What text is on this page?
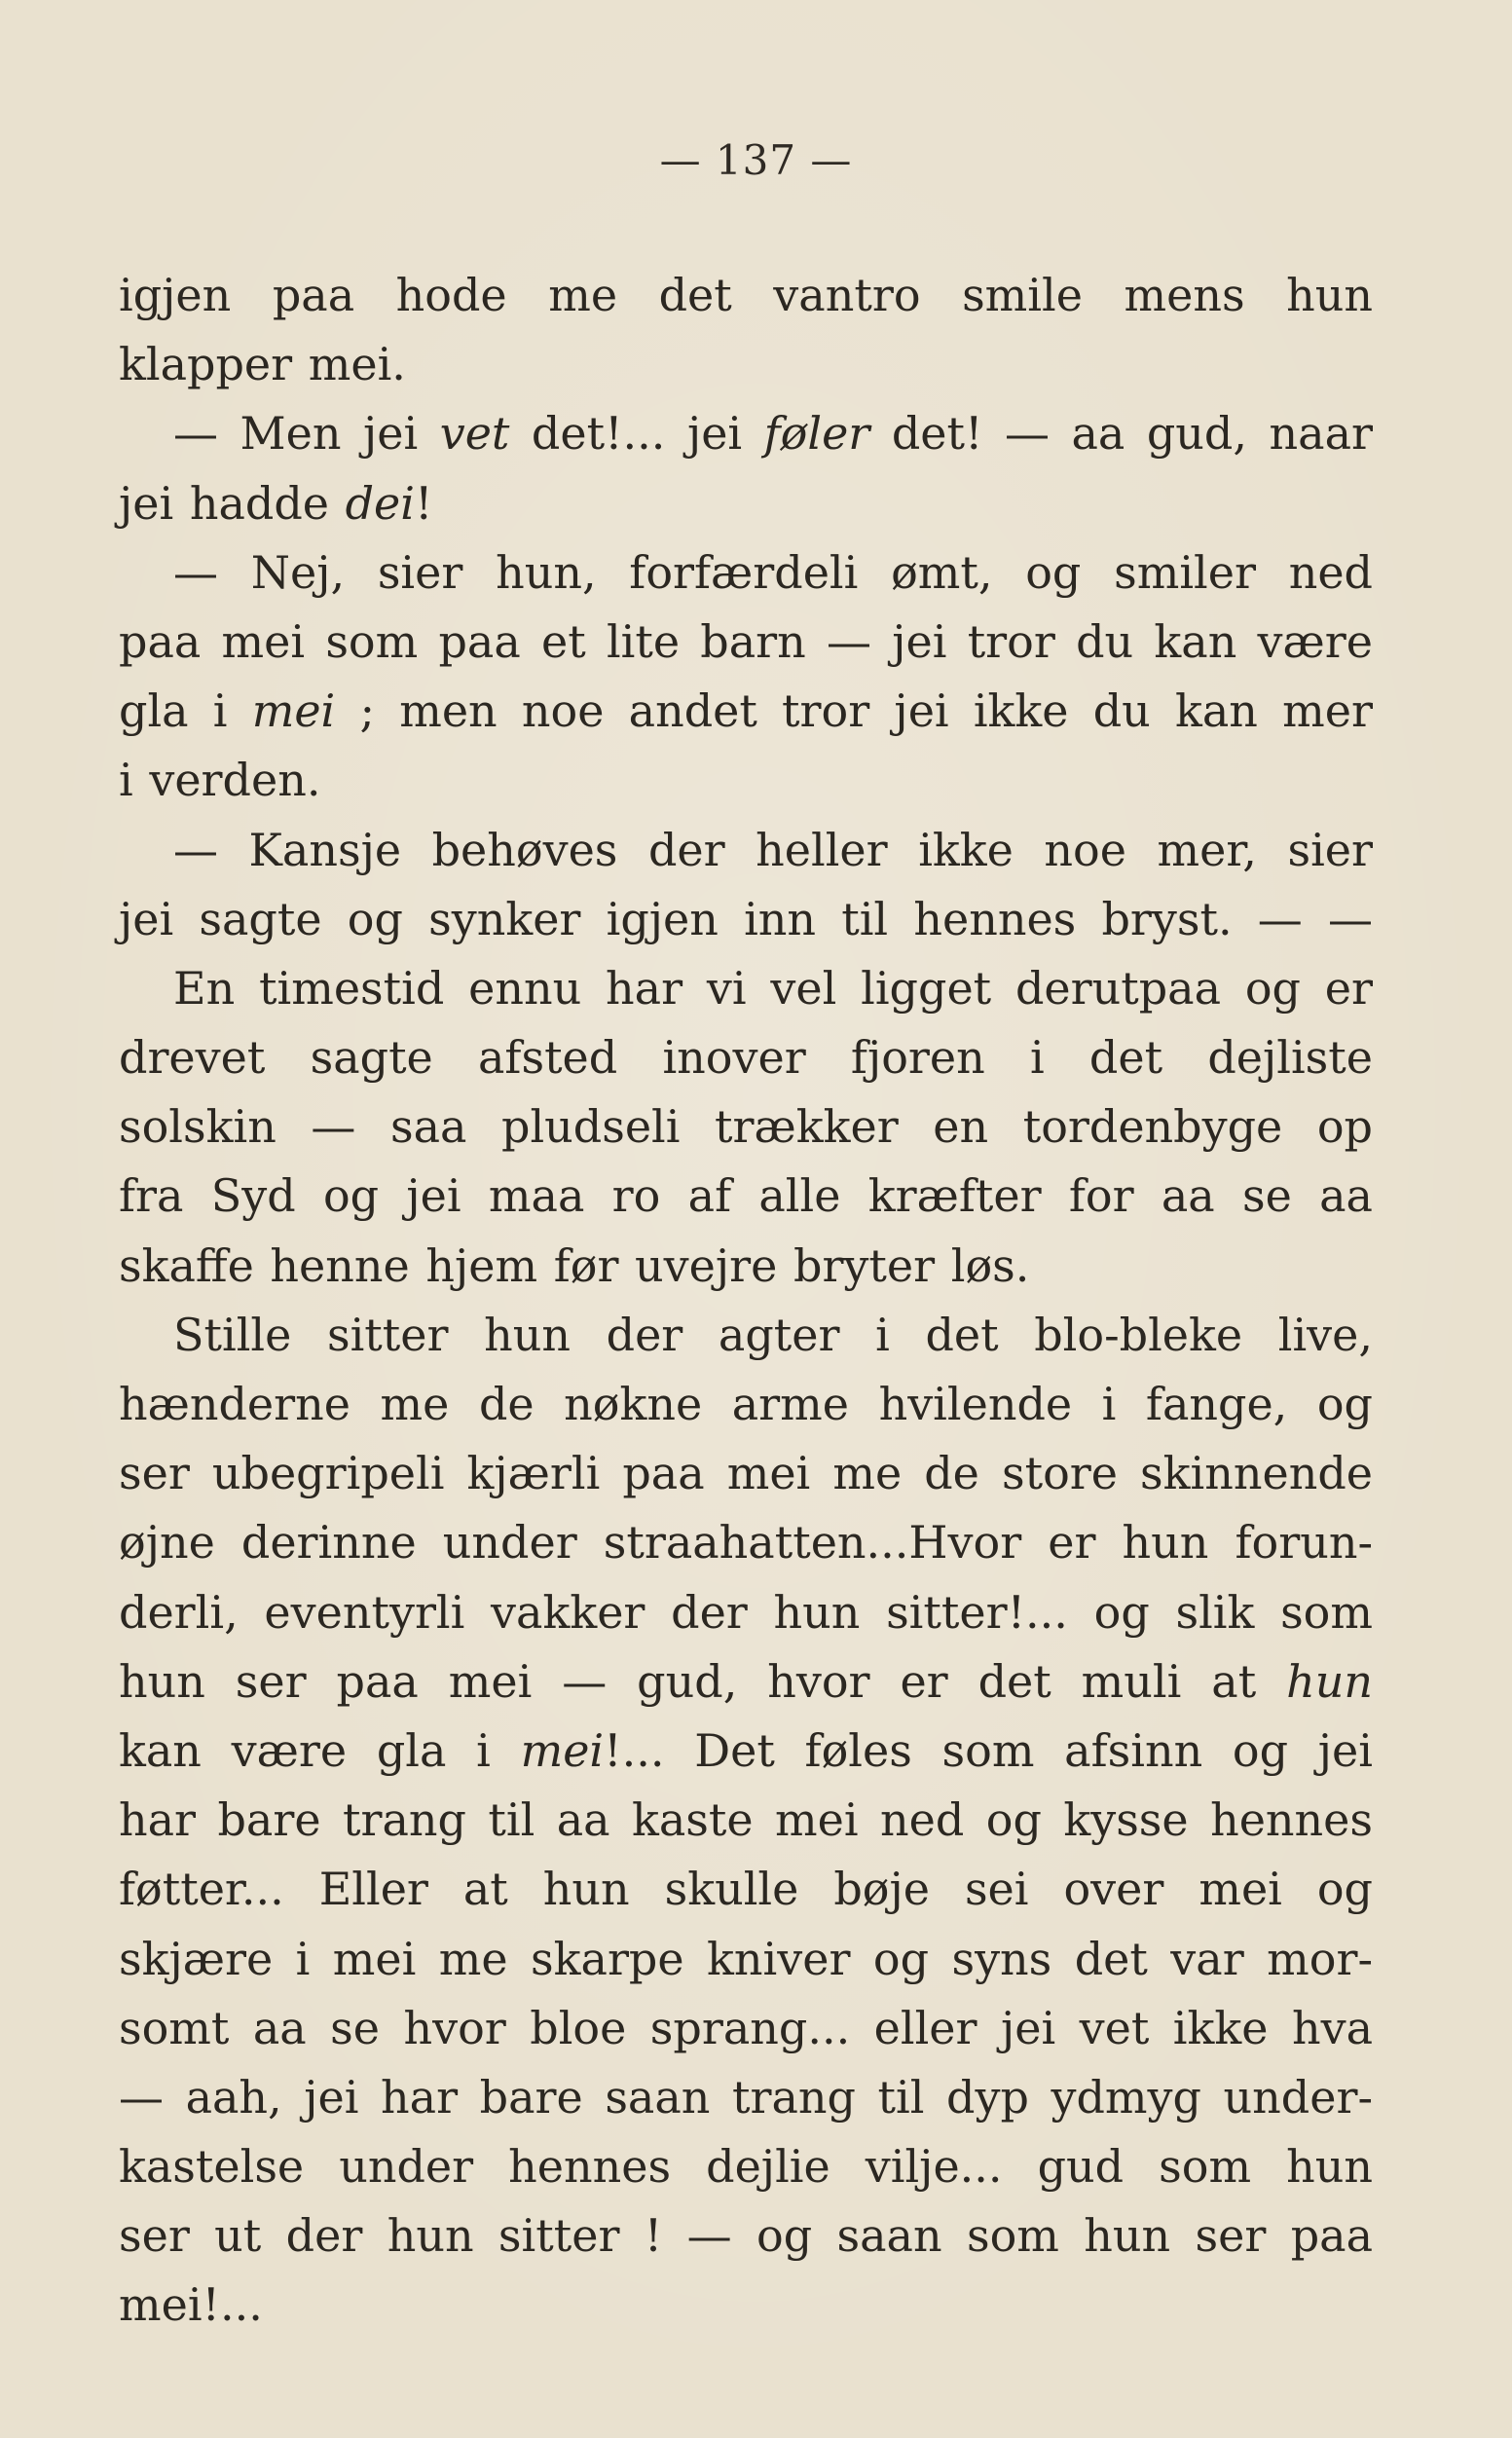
— 137 —
igjen paa hode me det vantro smile mens hun
klapper mei.
— Men jei vet det!... jei føler det! — aa gud, naar
jei hadde dei!
— Nej, sier hun, forfærdeli ømt, og smiler ned
paa mei som paa et lite barn — jei tror du kan være
gla i mei ; men noe andet tror jei ikke du kan mer
i verden.
— Kansje behøves der heller ikke noe mer, sier
jei sagte og synker igjen inn til hennes bryst. — —
En timestid ennu har vi vel ligget derutpaa og er
drevet sagte afsted inover fjoren i det dejliste
solskin — saa pludseli trækker en tordenbyge op
fra Syd og jei maa ro af alle kræfter for aa se aa
skaffe henne hjem før uvejre bryter løs.
Stille sitter hun der agter i det blo-bleke live,
hænderne me de nøkne arme hvilende i fange, og
ser ubegripeli kjærli paa mei me de store skinnende
øjne derinne under straahatten...Hvor er hun forun-
derli, eventyrli vakker der hun sitter!... og slik som
hun ser paa mei — gud, hvor er det muli at hun
kan være gla i mei!... Det føles som afsinn og jei
har bare trang til aa kaste mei ned og kysse hennes
føtter... Eller at hun skulle bøje sei over mei og
skjære i mei me skarpe kniver og syns det var mor-
somt aa se hvor bloe sprang... eller jei vet ikke hva
— aah, jei har bare saan trang til dyp ydmyg under-
kastelse under hennes dejlie vilje... gud som hun
ser ut der hun sitter ! — og saan som hun ser paa
mei!...
